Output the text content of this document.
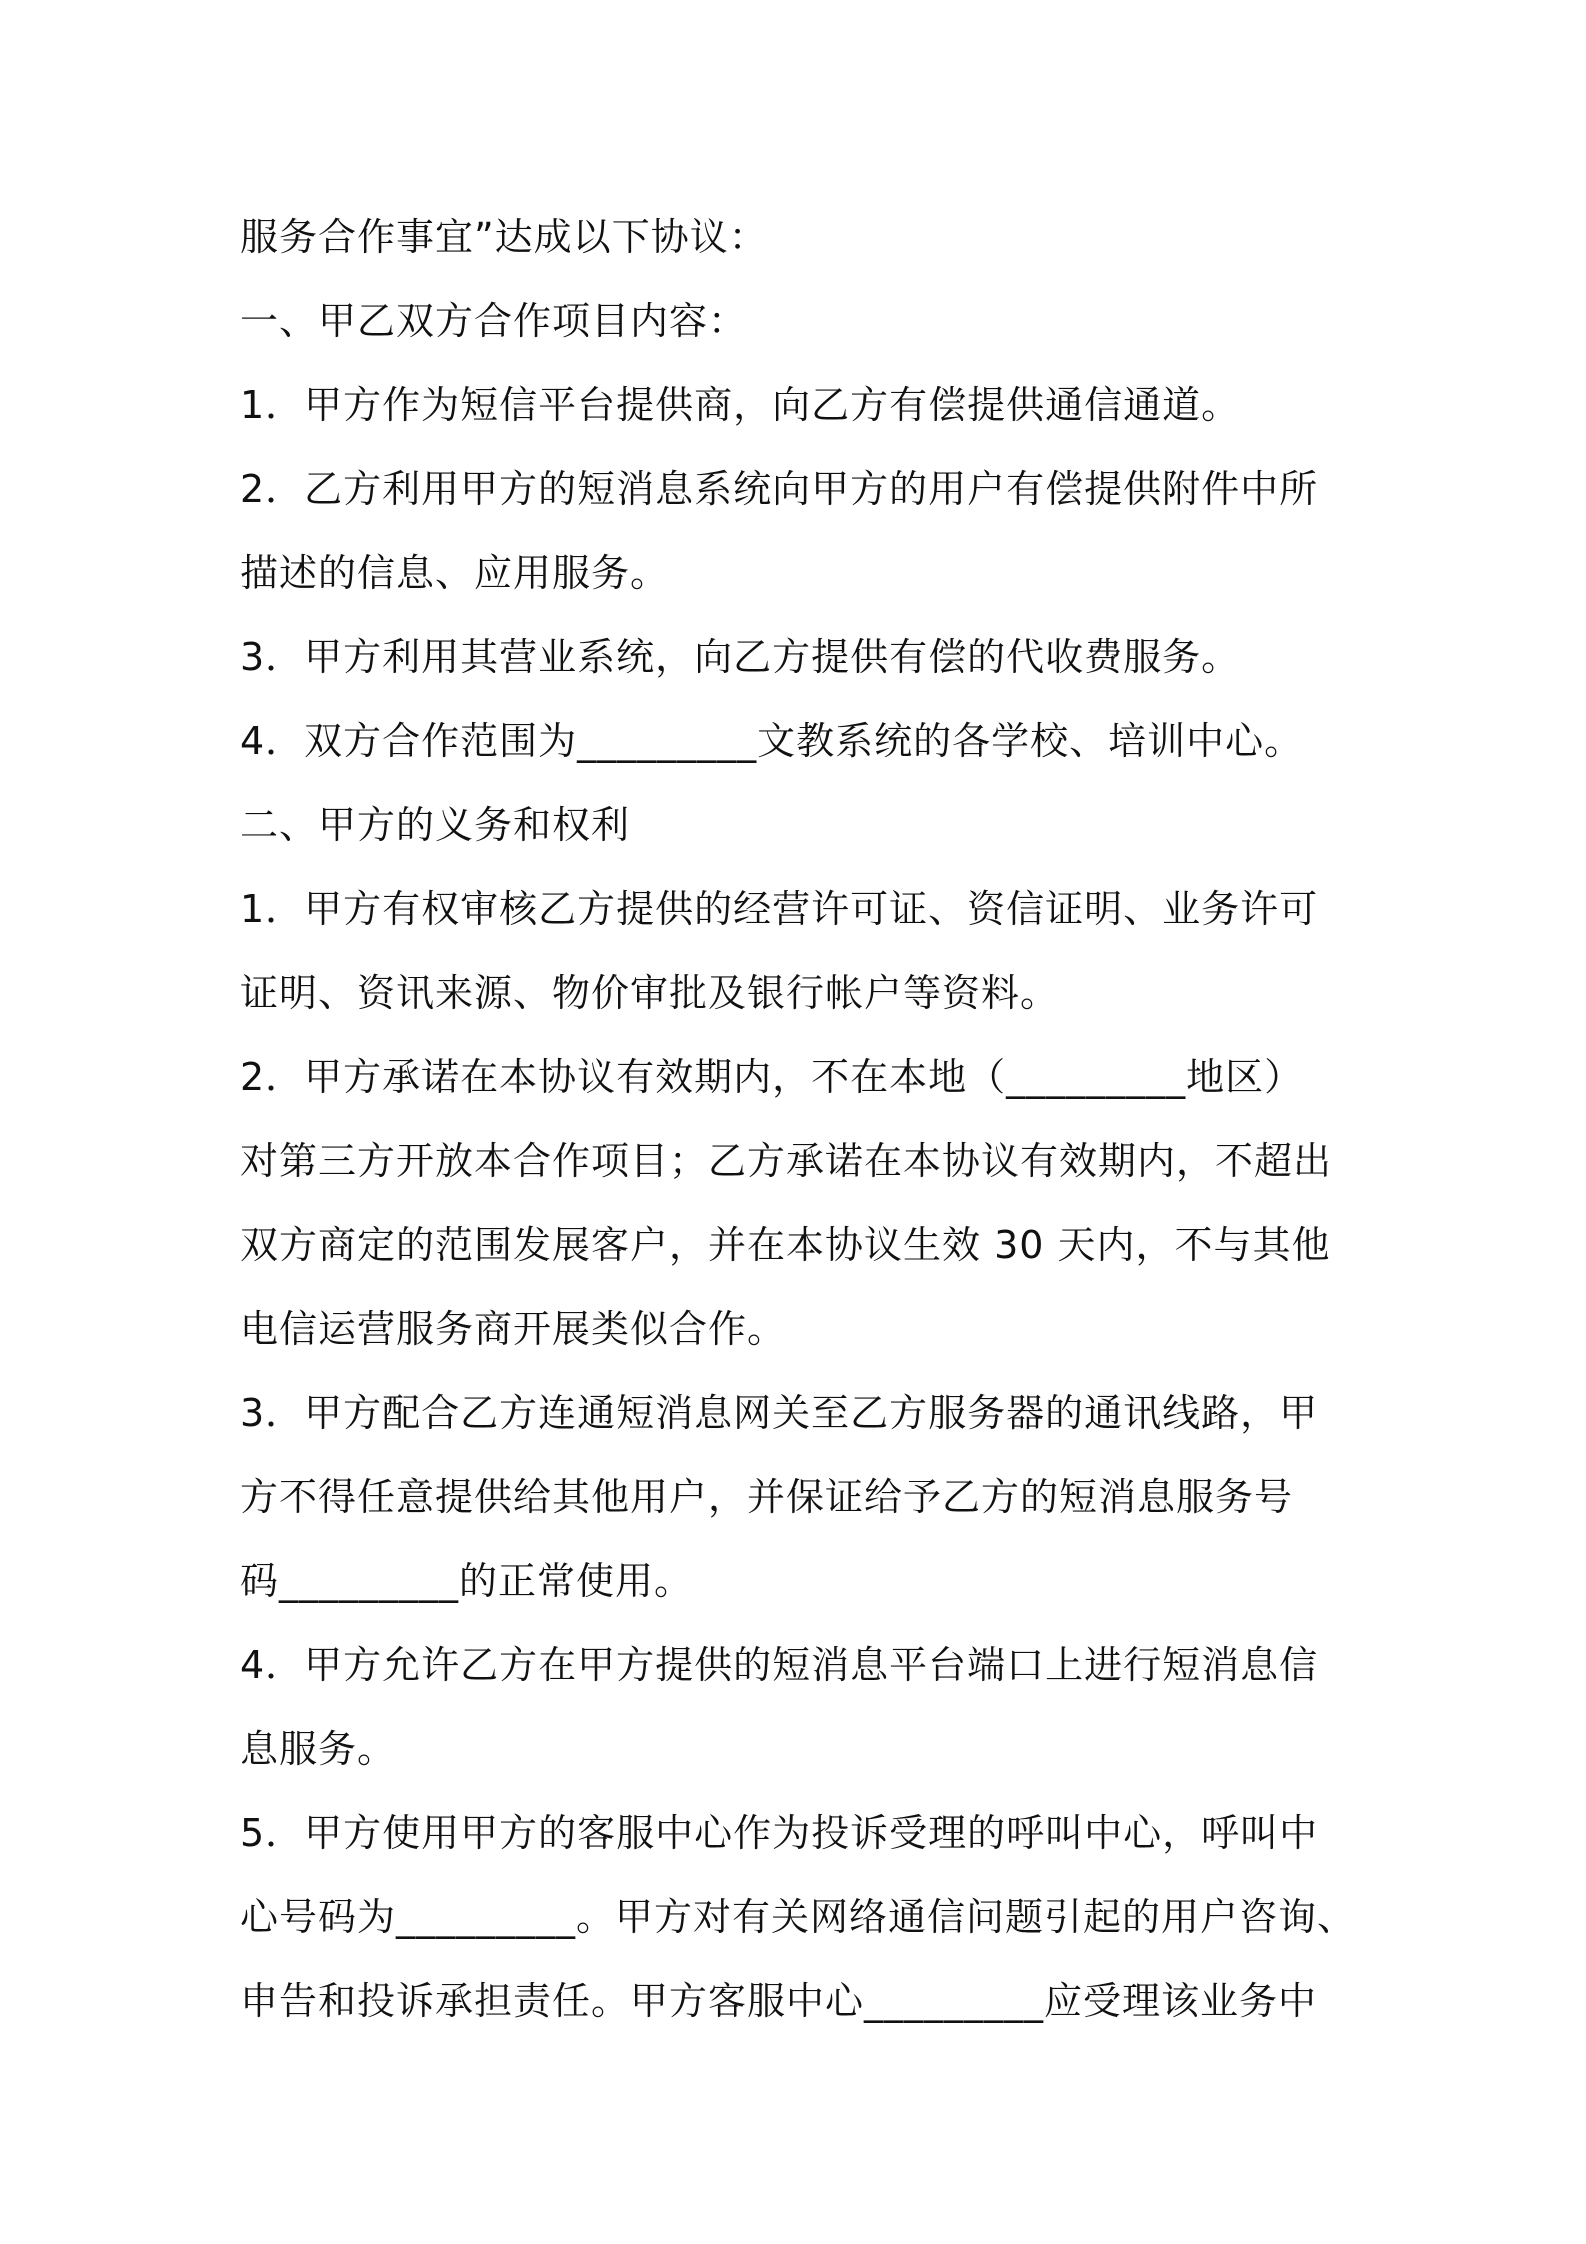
服务合作事宜”达成以下协议：
一、甲乙双方合作项目内容：
1．甲方作为短信平台提供商，向乙方有偿提供通信通道。
2．乙方利用甲方的短消息系统向甲方的用户有偿提供附件中所
描述的信息、应用服务。
3．甲方利用其营业系统，向乙方提供有偿的代收费服务。
4．双方合作范围为_________文教系统的各学校、培训中心。
二、甲方的义务和权利
1．甲方有权审核乙方提供的经营许可证、资信证明、业务许可
证明、资讯来源、物价审批及银行帐户等资料。
2．甲方承诺在本协议有效期内，不在本地（_________地区）
对第三方开放本合作项目；乙方承诺在本协议有效期内，不超出
双方商定的范围发展客户，并在本协议生效 30 天内，不与其他
电信运营服务商开展类似合作。
3．甲方配合乙方连通短消息网关至乙方服务器的通讯线路，甲
方不得任意提供给其他用户，并保证给予乙方的短消息服务号
码_________的正常使用。
4．甲方允许乙方在甲方提供的短消息平台端口上进行短消息信
息服务。
5．甲方使用甲方的客服中心作为投诉受理的呼叫中心，呼叫中
心号码为_________。甲方对有关网络通信问题引起的用户咨询、
申告和投诉承担责任。甲方客服中心_________应受理该业务中
